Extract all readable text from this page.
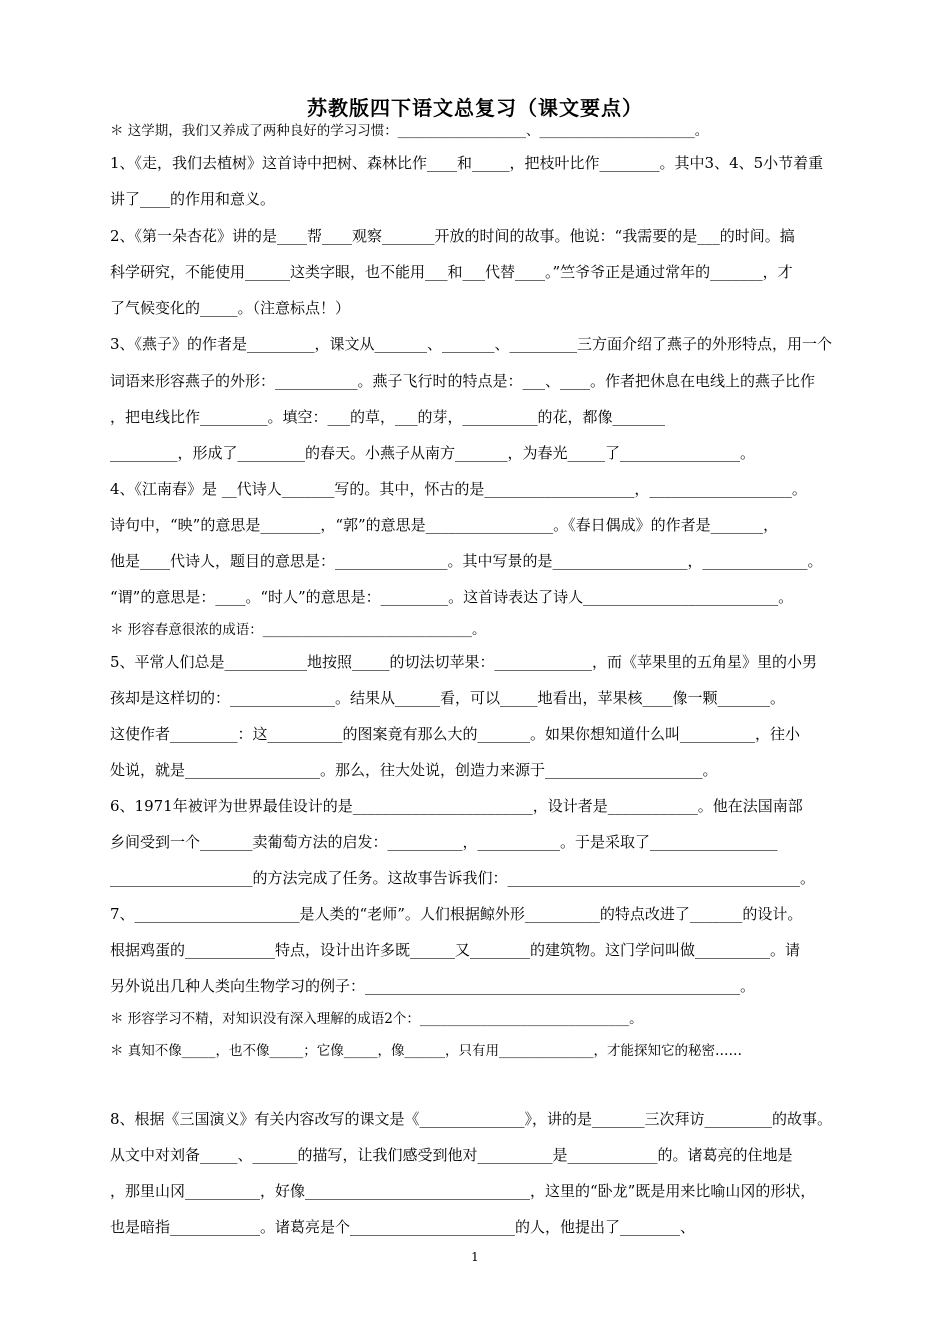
苏教版四下语文总复习（课文要点）
＊ 这学期，我们又养成了两种良好的学习习惯：___________________、_______________________。
1、《走，我们去植树》这首诗中把树、森林比作____和_____，把枝叶比作________。其中3、4、5小节着重
讲了____的作用和意义。
2、《第一朵杏花》讲的是____帮____观察_______开放的时间的故事。他说：“我需要的是___的时间。搞
科学研究，不能使用______这类字眼，也不能用___和___代替____。”竺爷爷正是通过常年的_______，才
了气候变化的_____。（注意标点！）
3、《燕子》的作者是_________，课文从_______、_______、_________三方面介绍了燕子的外形特点，用一个
词语来形容燕子的外形：___________。燕子飞行时的特点是：___、____。作者把休息在电线上的燕子比作
，把电线比作_________。填空：___的草，___的芽，__________的花，都像_______
_________，形成了_________的春天。小燕子从南方_______，为春光_____了________________。
4、《江南春》是 __代诗人_______写的。其中，怀古的是____________________，___________________。
诗句中，“映”的意思是________，“郭”的意思是_________________。《春日偶成》的作者是_______，
他是____代诗人，题目的意思是：_______________。其中写景的是__________________，______________。
“谓”的意思是：____。“时人”的意思是：_________。这首诗表达了诗人__________________________。
＊ 形容春意很浓的成语：_______________________________。
5、平常人们总是___________地按照_____的切法切苹果：_____________，而《苹果里的五角星》里的小男
孩却是这样切的：______________。结果从______看，可以_____地看出，苹果核____像一颗_______。
这使作者_________：这__________的图案竟有那么大的_______。如果你想知道什么叫__________，往小
处说，就是__________________。那么，往大处说，创造力来源于_____________________。
6、1971年被评为世界最佳设计的是________________________，设计者是____________。他在法国南部
乡间受到一个_______卖葡萄方法的启发：__________，___________。于是采取了_________________
___________________的方法完成了任务。这故事告诉我们：_______________________________________。
7、______________________是人类的“老师”。人们根据鲸外形__________的特点改进了_______的设计。
根据鸡蛋的____________特点，设计出许多既______又________的建筑物。这门学问叫做__________。请
另外说出几种人类向生物学习的例子：__________________________________________________。
＊ 形容学习不精，对知识没有深入理解的成语2个：_______________________________。
＊ 真知不像_____，也不像_____；它像_____，像______，只有用______________，才能探知它的秘密……
8、根据《三国演义》有关内容改写的课文是《______________》，讲的是_______三次拜访_________的故事。
从文中对刘备_____、______的描写，让我们感受到他对__________是____________的。诸葛亮的住地是
，那里山冈__________，好像______________________________，这里的“卧龙”既是用来比喻山冈的形状，
也是暗指____________。诸葛亮是个______________________的人，他提出了________、
1
